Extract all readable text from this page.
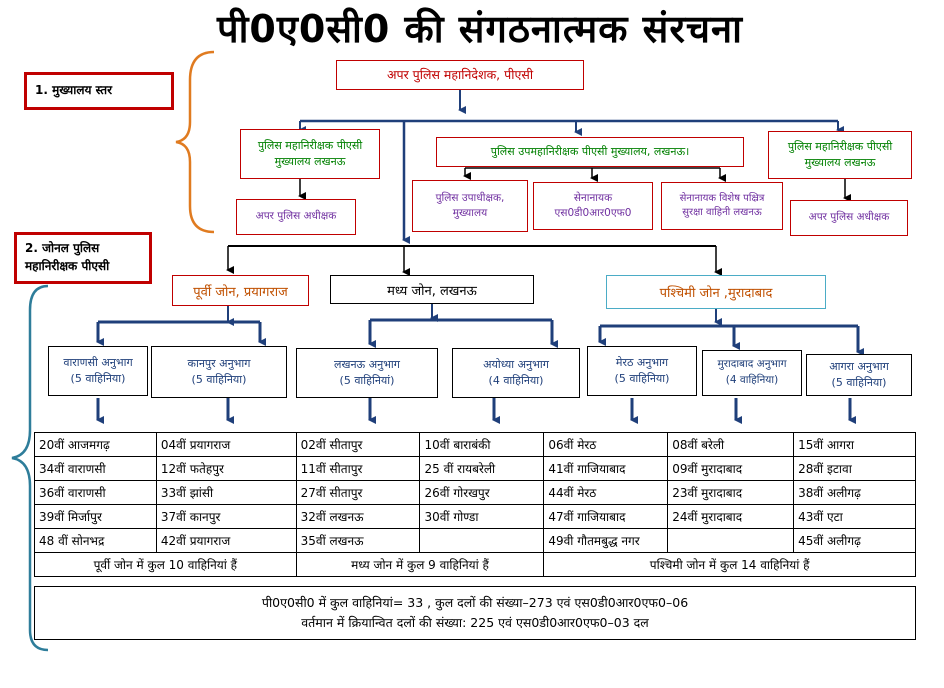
पी0ए0सी0 की संगठनात्मक संरचना
1. मुख्यालय स्तर
2. जोनल पुलिस
महानिरीक्षक पीएसी
अपर पुलिस महानिदेशक, पीएसी
पुलिस महानिरीक्षक पीएसी
मुख्यालय लखनऊ
पुलिस उपमहानिरीक्षक पीएसी मुख्यालय, लखनऊ।	पुलिस महानिरीक्षक पीएसी
मुख्यालय लखनऊ
अपर पुलिस अधीक्षक
पुलिस उपाधीक्षक,
मुख्यालय
सेनानायक
एस0डी0आर0एफ0
सेनानायक विशेष पक्ष्रित्र
सुरक्षा वाहिनी लखनऊ	अपर पुलिस अधीक्षक
पूर्वी जोन, प्रयागराज	मध्य जोन, लखनऊ	पश्चिमी जोन ,मुरादाबाद
वाराणसी अनुभाग
(5 वाहिनिया)
कानपुर अनुभाग
(5 वाहिनिया)
लखनऊ अनुभाग
(5 वाहिनियां)
अयोध्या अनुभाग
(4 वाहिनिया)
मेरठ अनुभाग
(5 वाहिनिया)
मुरादाबाद अनुभाग
(4 वाहिनिया)
आगरा अनुभाग
(5 वाहिनिया)
20वीं आजमगढ़	04वीं प्रयागराज	02वीं सीतापुर	10वीं बाराबंकी	06वीं मेरठ	08वीं बरेली	15वीं आगरा
34वीं वाराणसी	12वीं फतेहपुर	11वीं सीतापुर	25 वीं रायबरेली	41वीं गाजियाबाद	09वीं मुरादाबाद	28वीं इटावा
36वीं वाराणसी	33वीं झांसी	27वीं सीतापुर	26वीं गोरखपुर	44वीं मेरठ	23वीं मुरादाबाद	38वीं अलीगढ़
39वीं मिर्जापुर	37वीं कानपुर	32वीं लखनऊ	30वीं गोण्डा	47वीं गाजियाबाद	24वीं मुरादाबाद	43वीं एटा
48 वीं सोनभद्र	42वीं प्रयागराज	35वीं लखनऊ		49वी गौतमबुद्ध नगर		45वीं अलीगढ़
पूर्वी जोन में कुल 10 वाहिनियां हैं		मध्य जोन में कुल 9 वाहिनियां हैं		पश्चिमी जोन में कुल 14 वाहिनियां हैं		
पी0ए0सी0 में कुल वाहिनियां= 33 , कुल दलों की संख्या–273 एवं एस0डी0आर0एफ0–06
वर्तमान में क्रियान्वित दलों की संख्या: 225 एवं एस0डी0आर0एफ0–03 दल
